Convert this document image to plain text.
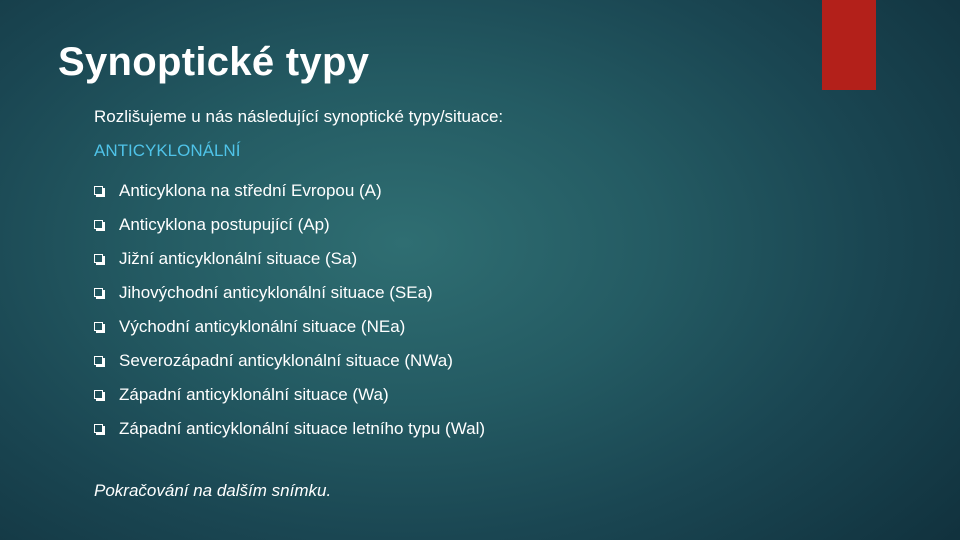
Synoptické typy

Rozlišujeme u nás následující synoptické typy/situace:

ANTICYKLONÁLNÍ

Anticyklona na střední Evropou (A)
Anticyklona postupující (Ap)
Jižní anticyklonální situace (Sa)
Jihovýchodní anticyklonální situace (SEa)
Východní anticyklonální situace (NEa)
Severozápadní anticyklonální situace (NWa)
Západní anticyklonální situace (Wa)
Západní anticyklonální situace letního typu (Wal)

Pokračování na dalším snímku.
